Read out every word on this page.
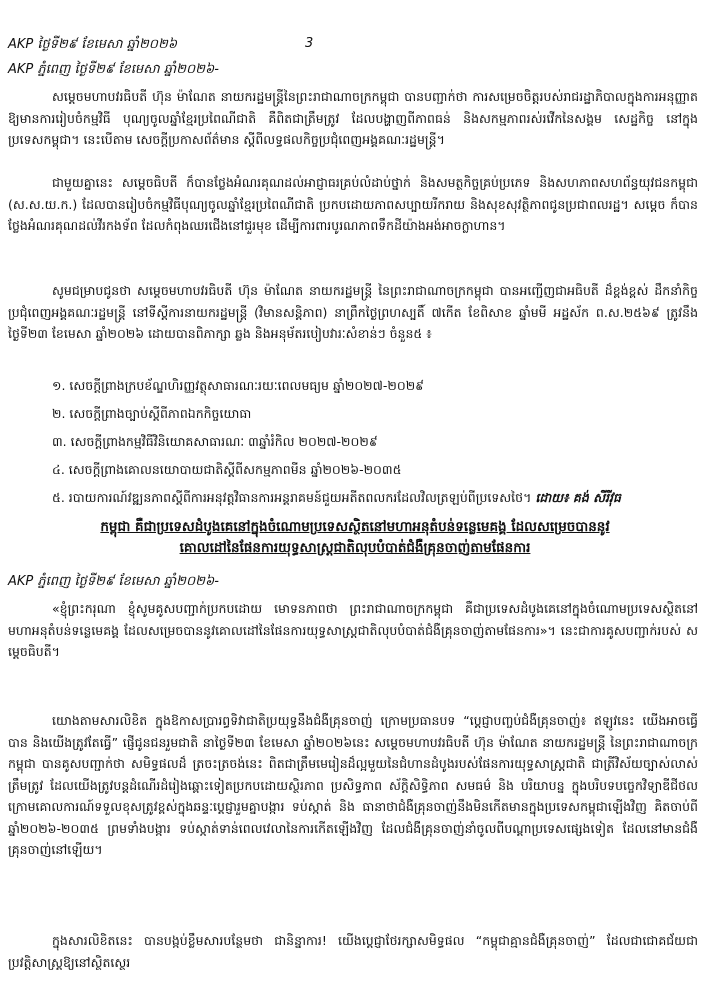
AKP ថ្ងៃទី២៩ ខែមេសា ឆ្នាំ២០២៦	3
AKP ភ្នំពេញ ថ្ងៃទី២៩ ខែមេសា ឆ្នាំ២០២៦-

សម្តេចមហាបវរធិបតី ហ៊ុន ម៉ាណែត នាយករដ្ឋមន្ត្រីនៃព្រះរាជាណាចក្រកម្ពុជា បានបញ្ជាក់ថា ការសម្រេចចិត្តរបស់រាជរដ្ឋាភិបាលក្នុងការអនុញ្ញាតឱ្យមានការរៀបចំកម្មវិធី បុណ្យចូលឆ្នាំខ្មែរប្រពៃណីជាតិ គឺពិតជាត្រឹមត្រូវ ដែលបង្ហាញពីភាពធន់ និងសកម្មភាពរស់រវើកនៃសង្គម សេដ្ឋកិច្ច នៅក្នុងប្រទេសកម្ពុជា។ នេះបើតាម សេចក្តីប្រកាសព័ត៌មាន ស្តីពីលទ្ធផលកិច្ចប្រជុំពេញអង្គគណៈរដ្ឋមន្ត្រី។

ជាមួយគ្នានេះ សម្តេចធិបតី ក៏បានថ្លែងអំណរគុណដល់អាជ្ញាធរគ្រប់លំដាប់ថ្នាក់ និងសមត្ថកិច្ចគ្រប់ប្រភេទ និងសហភាពសហព័ន្ធយុវជនកម្ពុជា (ស.ស.យ.ក.) ដែលបានរៀបចំកម្មវិធីបុណ្យចូលឆ្នាំខ្មែរប្រពៃណីជាតិ ប្រកបដោយភាពសប្បាយរីករាយ និងសុខសុវត្ថិភាពជូនប្រជាពលរដ្ឋ។ សម្តេច ក៏បានថ្លែងអំណរគុណដល់វីរកងទ័ព ដែលកំពុងឈរជើងនៅជួរមុខ ដើម្បីការពារបូរណភាពទឹកដីយ៉ាងអង់អាចក្លាហាន។

សូមជម្រាបជូនថា សម្តេចមហាបវរធិបតី ហ៊ុន ម៉ាណែត នាយករដ្ឋមន្ត្រី នៃព្រះរាជាណាចក្រកម្ពុជា បានអញ្ជើញជាអធិបតី ដ៏ខ្ពង់ខ្ពស់ ដឹកនាំកិច្ចប្រជុំពេញអង្គគណៈរដ្ឋមន្ត្រី នៅទីស្តីការនាយករដ្ឋមន្ត្រី (វិមានសន្តិភាព) នាព្រឹកថ្ងៃព្រហស្បតិ៍ ៧កើត ខែពិសាខ ឆ្នាំមមី អដ្ឋស័ក ព.ស.២៥៦៩ ត្រូវនឹងថ្ងៃទី២៣ ខែមេសា ឆ្នាំ២០២៦ ដោយបានពិភាក្សា ឆ្លង និងអនុម័តរបៀបវារៈសំខាន់ៗ ចំនួន៥ ៖

១. សេចក្តីព្រាងក្របខ័ណ្ឌហិរញ្ញវត្ថុសាធារណៈរយៈពេលមធ្យម ឆ្នាំ២០២៧-២០២៩

២. សេចក្តីព្រាងច្បាប់ស្តីពីភាពឯកកិច្ចយោធា

៣. សេចក្តីព្រាងកម្មវិធីវិនិយោគសាធារណៈ ៣ឆ្នាំរំកិល ២០២៧-២០២៩

៤. សេចក្តីព្រាងគោលនយោបាយជាតិស្តីពីសកម្មភាពមីន ឆ្នាំ២០២៦-២០៣៥

៥. របាយការណ៍វឌ្ឍនភាពស្តីពីការអនុវត្តវិធានការអន្តរាគមន៍ជួយអតីតពលករដែលវិលត្រឡប់ពីប្រទេសថៃ។ ដោយ៖ គង់ សីរីវុធ

កម្ពុជា គឺជាប្រទេសដំបូងគេនៅក្នុងចំណោមប្រទេសស្ថិតនៅមហាអនុតំបន់ទន្លេមេគង្គ ដែលសម្រេចបាននូវ
គោលដៅនៃផែនការយុទ្ធសាស្ត្រជាតិលុបបំបាត់ជំងឺគ្រុនចាញ់តាមផែនការ

AKP ភ្នំពេញ ថ្ងៃទី២៩ ខែមេសា ឆ្នាំ២០២៦-

«ខ្ញុំព្រះករុណា ខ្ញុំសូមគូសបញ្ជាក់ប្រកបដោយ មោទនភាពថា ព្រះរាជាណាចក្រកម្ពុជា គឺជាប្រទេសដំបូងគេនៅក្នុងចំណោមប្រទេសស្ថិតនៅមហាអនុតំបន់ទន្លេមេគង្គ ដែលសម្រេចបាននូវគោលដៅនៃផែនការយុទ្ធសាស្ត្រជាតិលុបបំបាត់ជំងឺគ្រុនចាញ់តាមផែនការ»។ នេះជាការគូសបញ្ជាក់របស់ សម្តេចធិបតី។

យោងតាមសារលិខិត ក្នុងឱកាសប្រារព្ធទិវាជាតិប្រយុទ្ធនឹងជំងឺគ្រុនចាញ់ ក្រោមប្រធានបទ “ប្តេជ្ញាបញ្ចប់ជំងឺគ្រុនចាញ់៖ ឥឡូវនេះ យើងអាចធ្វើបាន និងយើងត្រូវតែធ្វើ” ផ្ញើជូនជនរួមជាតិ នាថ្ងៃទី២៣ ខែមេសា ឆ្នាំ២០២៦នេះ សម្តេចមហាបវរធិបតី ហ៊ុន ម៉ាណែត នាយករដ្ឋមន្ត្រី នៃព្រះរាជាណាចក្រកម្ពុជា បានគូសបញ្ជាក់ថា សមិទ្ធផលដ៏ ត្រចះត្រចង់នេះ ពិតជាត្រឹមមេរៀនដ៏ល្អមួយនៃជំហានដំបូងរបស់ផែនការយុទ្ធសាស្ត្រជាតិ ជាត្រីវិស័យច្បាស់លាស់ ត្រឹមត្រូវ ដែលយើងត្រូវបន្តដំណើរដំរៀងឆ្ពោះទៀតប្រកបដោយស្ថិរភាព ប្រសិទ្ធភាព ស័ក្តិសិទ្ធិភាព សមធម៌ និង បរិយាបន្ន ក្នុងបរិបទបច្ចេកវិទ្យាឌីជីថល ក្រោមគោលការណ៍ទទួលខុសត្រូវខ្ពស់ក្នុងឆន្ទៈប្តេជ្ញារួមគ្នាបង្ការ ទប់ស្កាត់ និង ធានាថាជំងឺគ្រុនចាញ់នឹងមិនកើតមានក្នុងប្រទេសកម្ពុជាឡើងវិញ គិតចាប់ពីឆ្នាំ២០២៦-២០៣៥ ព្រមទាំងបង្ការ ទប់ស្កាត់ទាន់ពេលវេលានៃការកើតឡើងវិញ ដែលជំងឺគ្រុនចាញ់នាំចូលពីបណ្តាប្រទេសផ្សេងទៀត ដែលនៅមានជំងឺគ្រុនចាញ់នៅឡើយ។

ក្នុងសារលិខិតនេះ បានបង្កប់ខ្លឹមសារបន្ថែមថា ជានិន្នាការ! យើងប្តេជ្ញាថែរក្សាសមិទ្ធផល “កម្ពុជាគ្មានជំងឺគ្រុនចាញ់” ដែលជាជោគជ័យជាប្រវត្តិសាស្ត្រឱ្យនៅស្ថិតស្ថេរ
